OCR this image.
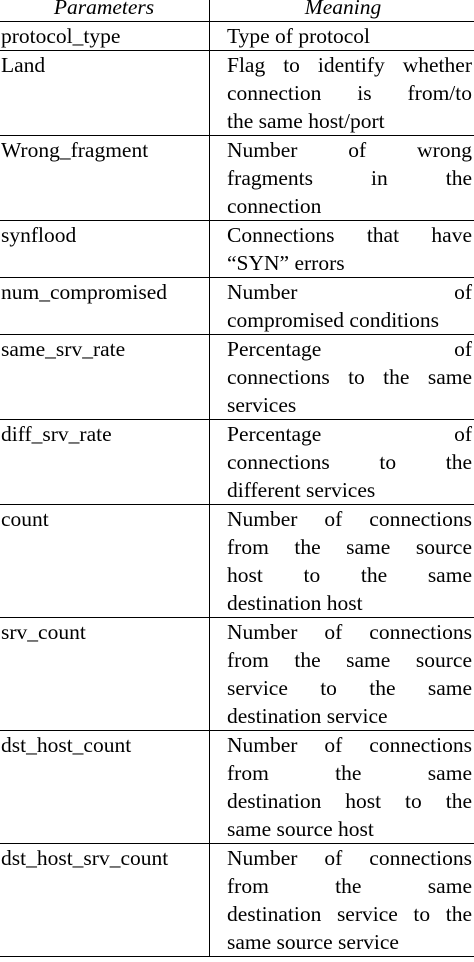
Parameters	Meaning
protocol_type	Type of protocol

Land	Flag to identify whether
connection is from/to
the same host/port

Wrong_fragment	Number of wrong
fragments in the
connection

synflood	Connections that have
“SYN” errors

num_compromised	Number of
compromised conditions

same_srv_rate	Percentage of
connections to the same
services

diff_srv_rate	Percentage of
connections to the
different services

count	Number of connections
from the same source
host to the same
destination host

srv_count	Number of connections
from the same source
service to the same
destination service

dst_host_count	Number of connections
from the same
destination host to the
same source host

dst_host_srv_count	Number of connections
from the same
destination service to the
same source service
